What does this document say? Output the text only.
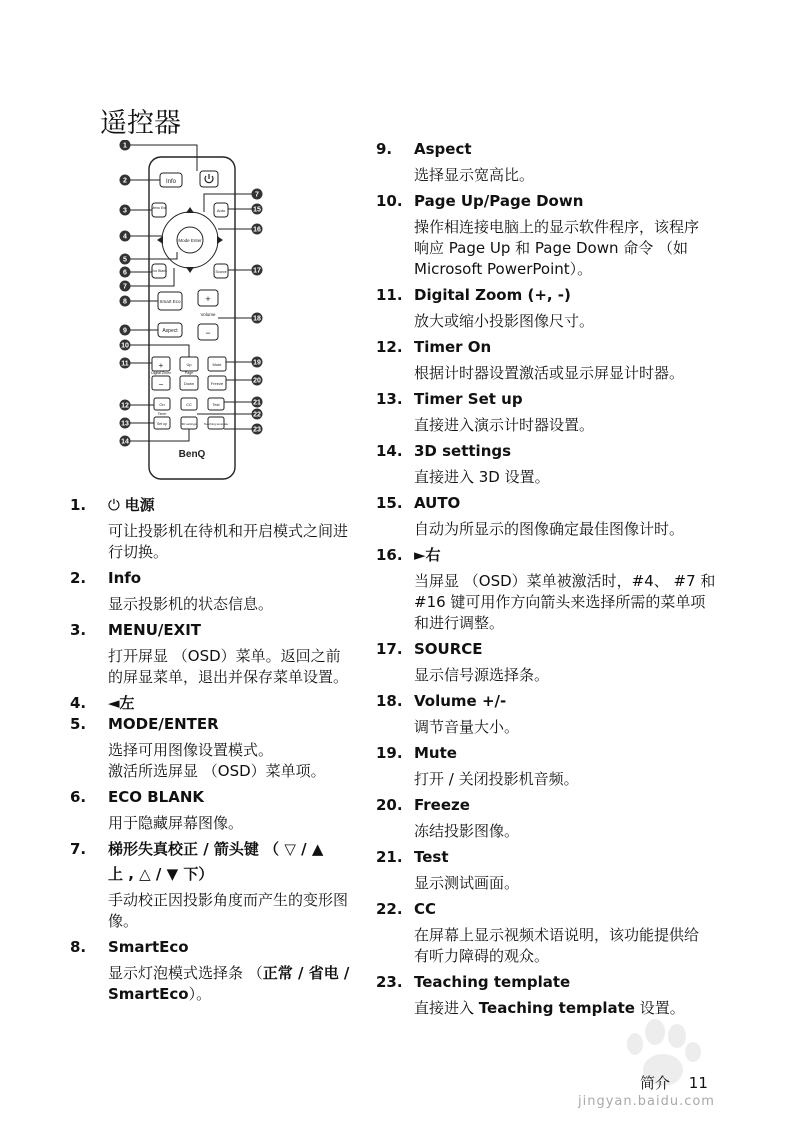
遥控器
Info
Menu Exit	Auto
Mode Enter
Eco Blank	Source
Smart Eco	+
Volume
−
Aspect
+
Digital Zoom
−
Up
Page
Down
Mute
Freeze
On
Timer
Set up
CC
3D settings
Test
Teaching template
BenQ
1
2
3
4
5
6
7
8
9
10
11
12
13
14
7
15
16
17
18
19
20
21
22
23
1.	⏻ 电源
可让投影机在待机和开启模式之间进
行切换。
2.	Info
显示投影机的状态信息。
3.	MENU/EXIT
打开屏显 （OSD）菜单。返回之前
的屏显菜单，退出并保存菜单设置。
4.	◄左
5.	MODE/ENTER
选择可用图像设置模式。
激活所选屏显 （OSD）菜单项。
6.	ECO BLANK
用于隐藏屏幕图像。
7.	梯形失真校正 / 箭头键 （ ▽ / ▲
上 , △ / ▼ 下）
手动校正因投影角度而产生的变形图
像。
8.	SmartEco
显示灯泡模式选择条 （正常 / 省电 /
SmartEco）。
9.	Aspect
选择显示宽高比。
10. Page Up/Page Down
操作相连接电脑上的显示软件程序，该程序
响应 Page Up 和 Page Down 命令 （如
Microsoft PowerPoint）。
11. Digital Zoom (+, -)
放大或缩小投影图像尺寸。
12. Timer On
根据计时器设置激活或显示屏显计时器。
13. Timer Set up
直接进入演示计时器设置。
14. 3D settings
直接进入 3D 设置。
15. AUTO
自动为所显示的图像确定最佳图像计时。
16. ►右
当屏显 （OSD）菜单被激活时，#4、 #7 和
#16 键可用作方向箭头来选择所需的菜单项
和进行调整。
17. SOURCE
显示信号源选择条。
18. Volume +/-
调节音量大小。
19. Mute
打开 / 关闭投影机音频。
20. Freeze
冻结投影图像。
21. Test
显示测试画面。
22. CC
在屏幕上显示视频术语说明，该功能提供给
有听力障碍的观众。
23. Teaching template
直接进入 Teaching template 设置。
jingyan.baidu.com
简介 11
